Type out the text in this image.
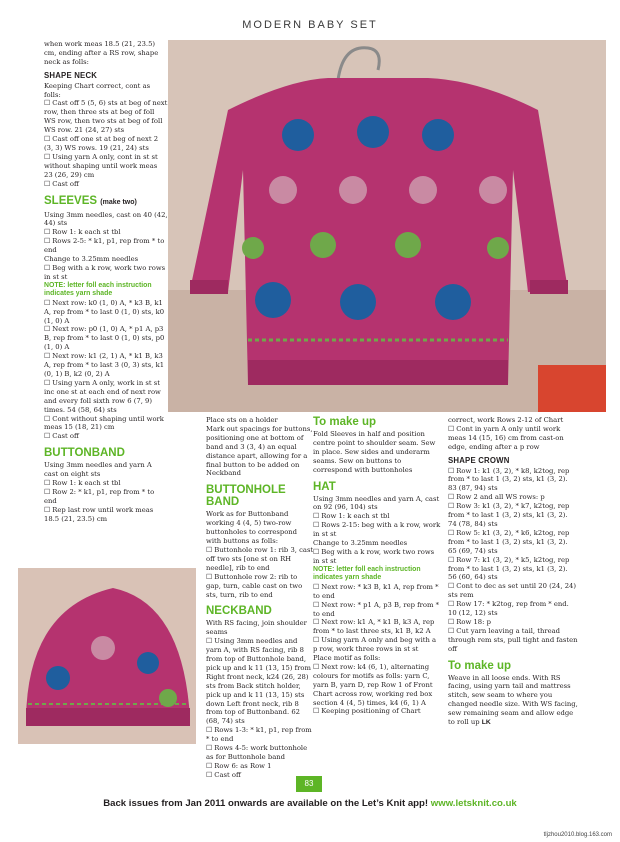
MODERN BABY SET

when work meas 18.5 (21, 23.5) cm, ending after a RS row, shape neck as folls:

SHAPE NECK

Keeping Chart correct, cont as folls:

☐ Cast off 5 (5, 6) sts at beg of next row, then three sts at beg of foll WS row, then two sts at beg of foll WS row. 21 (24, 27) sts

☐ Cast off one st at beg of next 2 (3, 3) WS rows. 19 (21, 24) sts

☐ Using yarn A only, cont in st st without shaping until work meas 23 (26, 29) cm

☐ Cast off

SLEEVES (make two)

Using 3mm needles, cast on 40 (42, 44) sts

☐ Row 1: k each st tbl

☐ Rows 2-5: * k1, p1, rep from * to end

Change to 3.25mm needles

☐ Beg with a k row, work two rows in st st

NOTE: letter foll each instruction indicates yarn shade

☐ Next row: k0 (1, 0) A, * k3 B, k1 A, rep from * to last 0 (1, 0) sts, k0 (1, 0) A

☐ Next row: p0 (1, 0) A, * p1 A, p3 B, rep from * to last 0 (1, 0) sts, p0 (1, 0) A

☐ Next row: k1 (2, 1) A, * k1 B, k3 A, rep from * to last 3 (0, 3) sts, k1 (0, 1) B, k2 (0, 2) A

☐ Using yarn A only, work in st st inc one st at each end of next row and every foll sixth row 6 (7, 9) times. 54 (58, 64) sts

☐ Cont without shaping until work meas 15 (18, 21) cm

☐ Cast off

BUTTONBAND

Using 3mm needles and yarn A cast on eight sts

☐ Row 1: k each st tbl

☐ Row 2: * k1, p1, rep from * to end

☐ Rep last row until work meas 18.5 (21, 23.5) cm

Place sts on a holder
Mark out spacings for buttons, positioning one at bottom of band and 3 (3, 4) an equal distance apart, allowing for a final button to be added on Neckband

BUTTONHOLE BAND

Work as for Buttonband working 4 (4, 5) two-row buttonholes to correspond with buttons as folls:

☐ Buttonhole row 1: rib 3, cast off two sts [one st on RH needle], rib to end

☐ Buttonhole row 2: rib to gap, turn, cable cast on two sts, turn, rib to end

NECKBAND

With RS facing, join shoulder seams

☐ Using 3mm needles and yarn A, with RS facing, rib 8 from top of Buttonhole band, pick up and k 11 (13, 15) from Right front neck, k24 (26, 28) sts from Back stitch holder, pick up and k 11 (13, 15) sts down Left front neck, rib 8 from top of Buttonband. 62 (68, 74) sts

☐ Rows 1-3: * k1, p1, rep from * to end

☐ Rows 4-5: work buttonhole as for Buttonhole band

☐ Row 6: as Row 1

☐ Cast off

To make up

Fold Sleeves in half and position centre point to shoulder seam. Sew in place. Sew sides and underarm seams. Sew on buttons to correspond with buttonholes

HAT

Using 3mm needles and yarn A, cast on 92 (96, 104) sts

☐ Row 1: k each st tbl

☐ Rows 2-15: beg with a k row, work in st st

Change to 3.25mm needles

☐ Beg with a k row, work two rows in st st

NOTE: letter foll each instruction indicates yarn shade

☐ Next row: * k3 B, k1 A, rep from * to end

☐ Next row: * p1 A, p3 B, rep from * to end

☐ Next row: k1 A, * k1 B, k3 A, rep from * to last three sts, k1 B, k2 A

☐ Using yarn A only and beg with a p row, work three rows in st st

Place motif as folls:

☐ Next row: k4 (6, 1), alternating colours for motifs as folls: yarn C, yarn B, yarn D, rep Row 1 of Front Chart across row, working red box section 4 (4, 5) times, k4 (6, 1) A

☐ Keeping positioning of Chart

correct, work Rows 2-12 of Chart

☐ Cont in yarn A only until work meas 14 (15, 16) cm from cast-on edge, ending after a p row

SHAPE CROWN

☐ Row 1: k1 (3, 2), * k8, k2tog, rep from * to last 1 (3, 2) sts, k1 (3, 2). 83 (87, 94) sts

☐ Row 2 and all WS rows: p

☐ Row 3: k1 (3, 2), * k7, k2tog, rep from * to last 1 (3, 2) sts, k1 (3, 2). 74 (78, 84) sts

☐ Row 5: k1 (3, 2), * k6, k2tog, rep from * to last 1 (3, 2) sts, k1 (3, 2). 65 (69, 74) sts

☐ Row 7: k1 (3, 2), * k5, k2tog, rep from * to last 1 (3, 2) sts, k1 (3, 2). 56 (60, 64) sts

☐ Cont to dec as set until 20 (24, 24) sts rem

☐ Row 17: * k2tog, rep from * end. 10 (12, 12) sts

☐ Row 18: p

☐ Cut yarn leaving a tail, thread through rem sts, pull tight and fasten off

To make up

Weave in all loose ends. With RS facing, using yarn tail and mattress stitch, sew seam to where you changed needle size. With WS facing, sew remaining seam and allow edge to roll up LK

83
Back issues from Jan 2011 onwards are available on the Let’s Knit app! www.letsknit.co.uk
tljzhou2010.blog.163.com
